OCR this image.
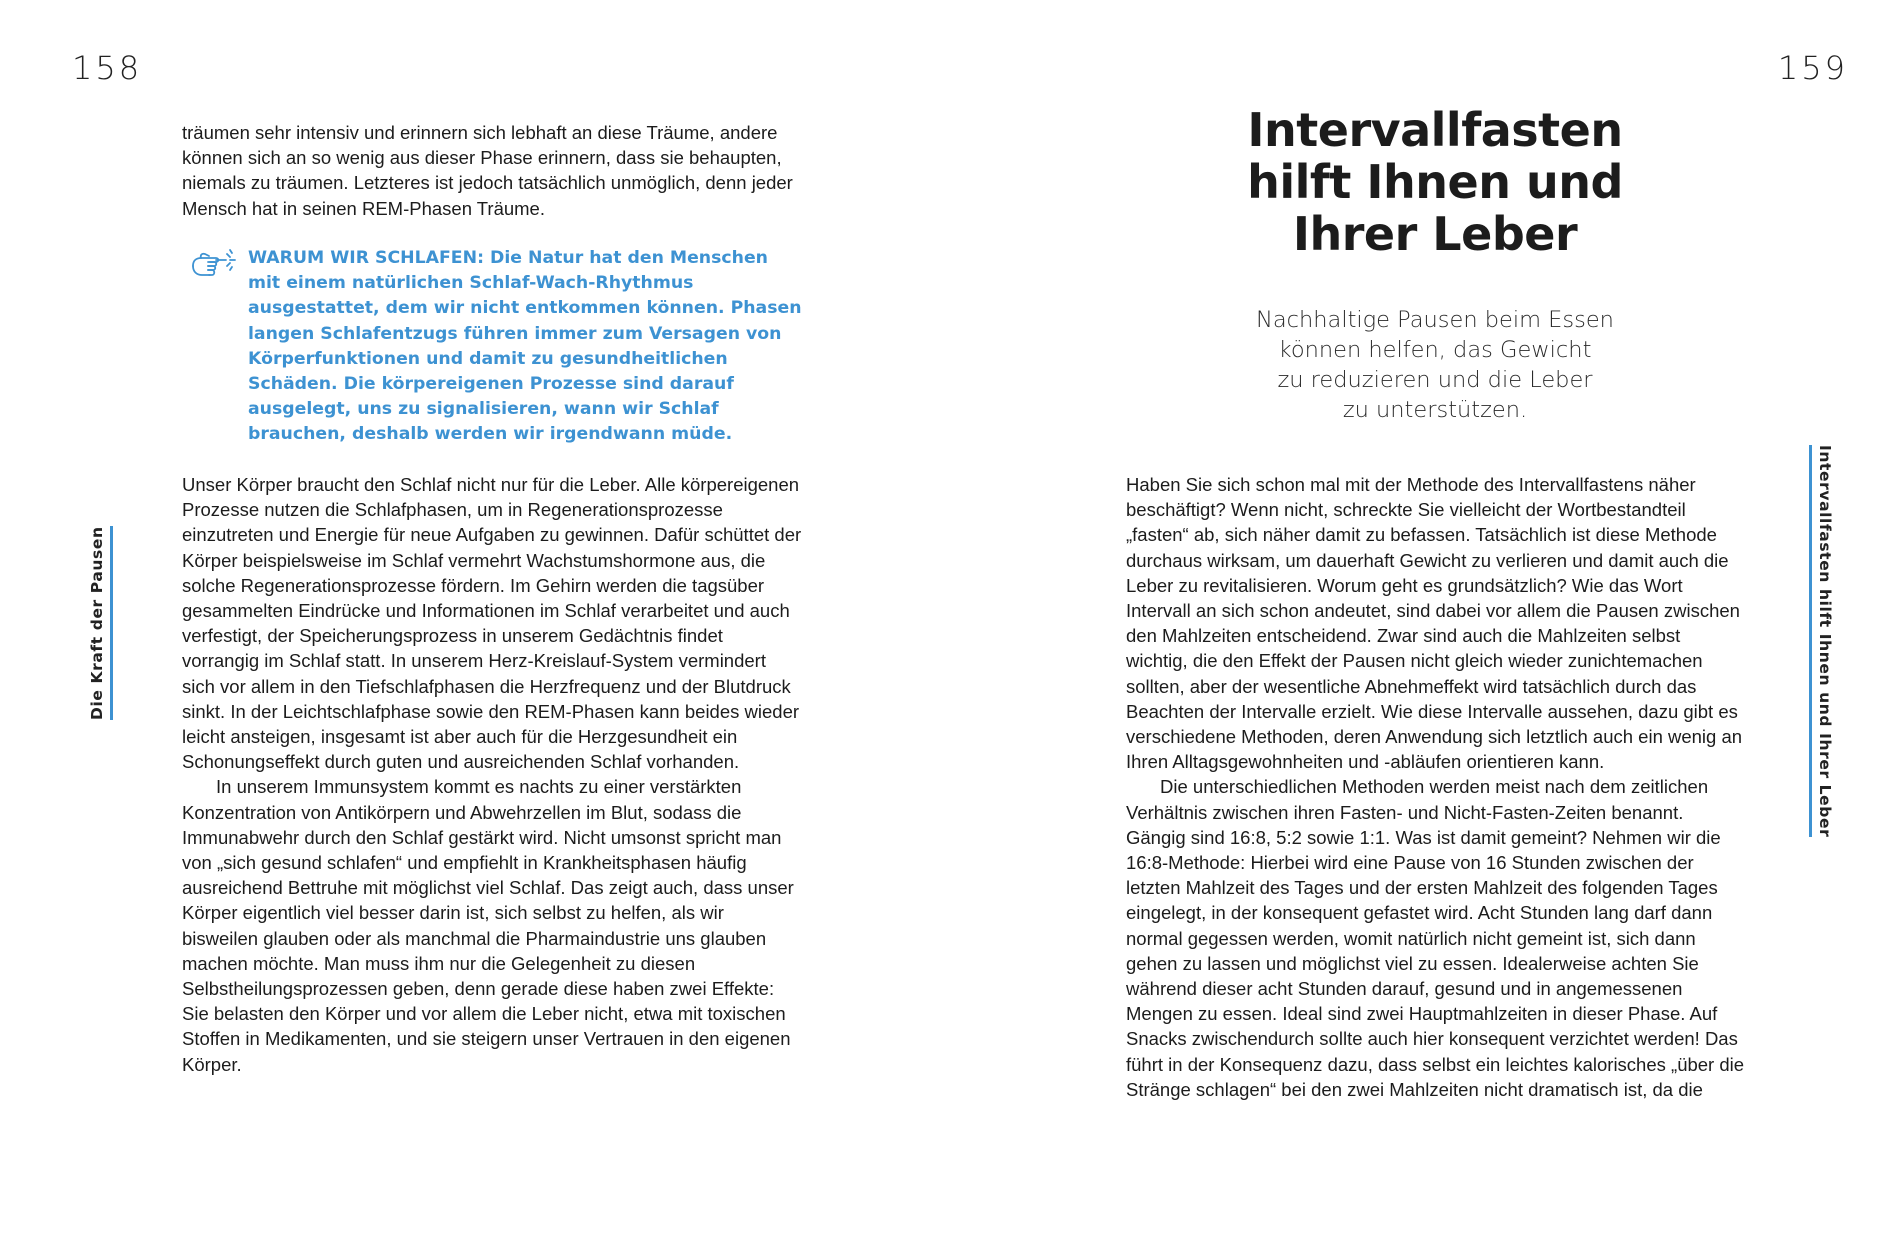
158	159
Die Kraft der Pausen	Intervallfasten hilft Ihnen und Ihrer Leber

träumen sehr intensiv und erinnern sich lebhaft an diese Träume, andere können sich an so wenig aus dieser Phase erinnern, dass sie behaupten, niemals zu träumen. Letzteres ist jedoch tatsächlich unmöglich, denn jeder Mensch hat in seinen REM-Phasen Träume.

WARUM WIR SCHLAFEN: Die Natur hat den Menschen mit einem natürlichen Schlaf-Wach-Rhythmus ausgestattet, dem wir nicht entkommen können. Phasen langen Schlafentzugs führen immer zum Versagen von Körperfunktionen und damit zu gesundheitlichen Schäden. Die körpereigenen Prozesse sind darauf ausgelegt, uns zu signalisieren, wann wir Schlaf brauchen, deshalb werden wir irgendwann müde.

Unser Körper braucht den Schlaf nicht nur für die Leber. Alle körpereigenen Prozesse nutzen die Schlafphasen, um in Regenerationsprozesse einzutreten und Energie für neue Aufgaben zu gewinnen. Dafür schüttet der Körper beispielsweise im Schlaf vermehrt Wachstumshormone aus, die solche Regenerationsprozesse fördern. Im Gehirn werden die tagsüber gesammelten Eindrücke und Informationen im Schlaf verarbeitet und auch verfestigt, der Speicherungsprozess in unserem Gedächtnis findet vorrangig im Schlaf statt. In unserem Herz-Kreislauf-System vermindert sich vor allem in den Tiefschlafphasen die Herzfrequenz und der Blutdruck sinkt. In der Leichtschlafphase sowie den REM-Phasen kann beides wieder leicht ansteigen, insgesamt ist aber auch für die Herzgesundheit ein Schonungseffekt durch guten und ausreichenden Schlaf vorhanden.

In unserem Immunsystem kommt es nachts zu einer verstärkten Konzentration von Antikörpern und Abwehrzellen im Blut, sodass die Immunabwehr durch den Schlaf gestärkt wird. Nicht umsonst spricht man von „sich gesund schlafen“ und empfiehlt in Krankheitsphasen häufig ausreichend Bettruhe mit möglichst viel Schlaf. Das zeigt auch, dass unser Körper eigentlich viel besser darin ist, sich selbst zu helfen, als wir bisweilen glauben oder als manchmal die Pharmaindustrie uns glauben machen möchte. Man muss ihm nur die Gelegenheit zu diesen Selbstheilungsprozessen geben, denn gerade diese haben zwei Effekte: Sie belasten den Körper und vor allem die Leber nicht, etwa mit toxischen Stoffen in Medikamenten, und sie steigern unser Vertrauen in den eigenen Körper.

Intervallfasten
hilft Ihnen und
Ihrer Leber

Nachhaltige Pausen beim Essen
können helfen, das Gewicht
zu reduzieren und die Leber
zu unterstützen.

Haben Sie sich schon mal mit der Methode des Intervallfastens näher beschäftigt? Wenn nicht, schreckte Sie vielleicht der Wortbestandteil „fasten“ ab, sich näher damit zu befassen. Tatsächlich ist diese Methode durchaus wirksam, um dauerhaft Gewicht zu verlieren und damit auch die Leber zu revitalisieren. Worum geht es grundsätzlich? Wie das Wort Intervall an sich schon andeutet, sind dabei vor allem die Pausen zwischen den Mahlzeiten entscheidend. Zwar sind auch die Mahlzeiten selbst wichtig, die den Effekt der Pausen nicht gleich wieder zunichtemachen sollten, aber der wesentliche Abnehmeffekt wird tatsächlich durch das Beachten der Intervalle erzielt. Wie diese Intervalle aussehen, dazu gibt es verschiedene Methoden, deren Anwendung sich letztlich auch ein wenig an Ihren Alltagsgewohnheiten und -abläufen orientieren kann.

Die unterschiedlichen Methoden werden meist nach dem zeitlichen Verhältnis zwischen ihren Fasten- und Nicht-Fasten-Zeiten benannt. Gängig sind 16:8, 5:2 sowie 1:1. Was ist damit gemeint? Nehmen wir die 16:8-Methode: Hierbei wird eine Pause von 16 Stunden zwischen der letzten Mahlzeit des Tages und der ersten Mahlzeit des folgenden Tages eingelegt, in der konsequent gefastet wird. Acht Stunden lang darf dann normal gegessen werden, womit natürlich nicht gemeint ist, sich dann gehen zu lassen und möglichst viel zu essen. Idealerweise achten Sie während dieser acht Stunden darauf, gesund und in angemessenen Mengen zu essen. Ideal sind zwei Hauptmahlzeiten in dieser Phase. Auf Snacks zwischendurch sollte auch hier konsequent verzichtet werden! Das führt in der Konsequenz dazu, dass selbst ein leichtes kalorisches „über die Stränge schlagen“ bei den zwei Mahlzeiten nicht dramatisch ist, da die
